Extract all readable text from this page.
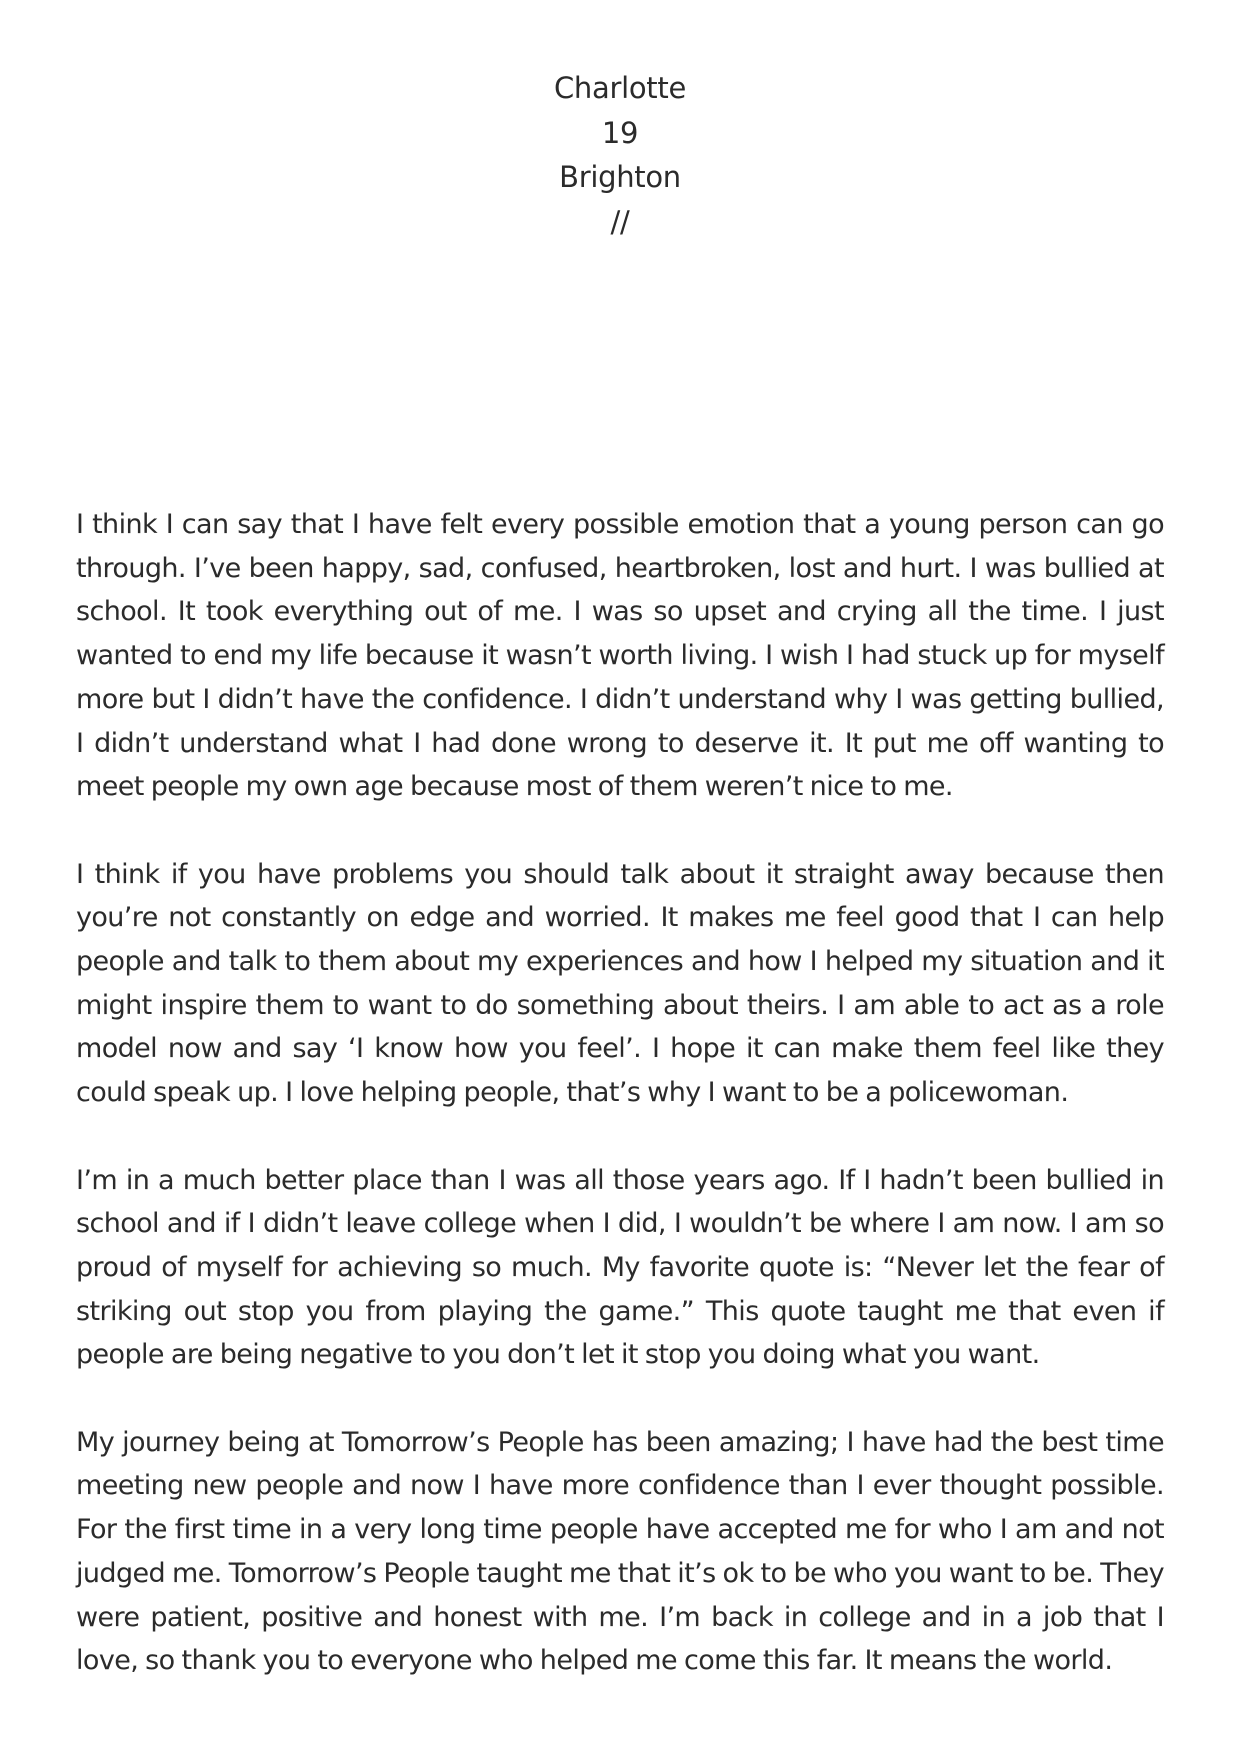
Charlotte
19
Brighton
//

I think I can say that I have felt every possible emotion that a young person can go through. I’ve been happy, sad, confused, heartbroken, lost and hurt. I was bullied at school. It took everything out of me. I was so upset and crying all the time. I just wanted to end my life because it wasn’t worth living. I wish I had stuck up for myself more but I didn’t have the confidence. I didn’t understand why I was getting bullied, I didn’t understand what I had done wrong to deserve it. It put me off wanting to meet people my own age because most of them weren’t nice to me.

I think if you have problems you should talk about it straight away because then you’re not constantly on edge and worried. It makes me feel good that I can help people and talk to them about my experiences and how I helped my situation and it might inspire them to want to do something about theirs. I am able to act as a role model now and say ‘I know how you feel’. I hope it can make them feel like they could speak up. I love helping people, that’s why I want to be a policewoman.

I’m in a much better place than I was all those years ago. If I hadn’t been bullied in school and if I didn’t leave college when I did, I wouldn’t be where I am now. I am so proud of myself for achieving so much. My favorite quote is: “Never let the fear of striking out stop you from playing the game.” This quote taught me that even if people are being negative to you don’t let it stop you doing what you want.

My journey being at Tomorrow’s People has been amazing; I have had the best time meeting new people and now I have more confidence than I ever thought possible. For the first time in a very long time people have accepted me for who I am and not judged me. Tomorrow’s People taught me that it’s ok to be who you want to be. They were patient, positive and honest with me. I’m back in college and in a job that I love, so thank you to everyone who helped me come this far. It means the world.
